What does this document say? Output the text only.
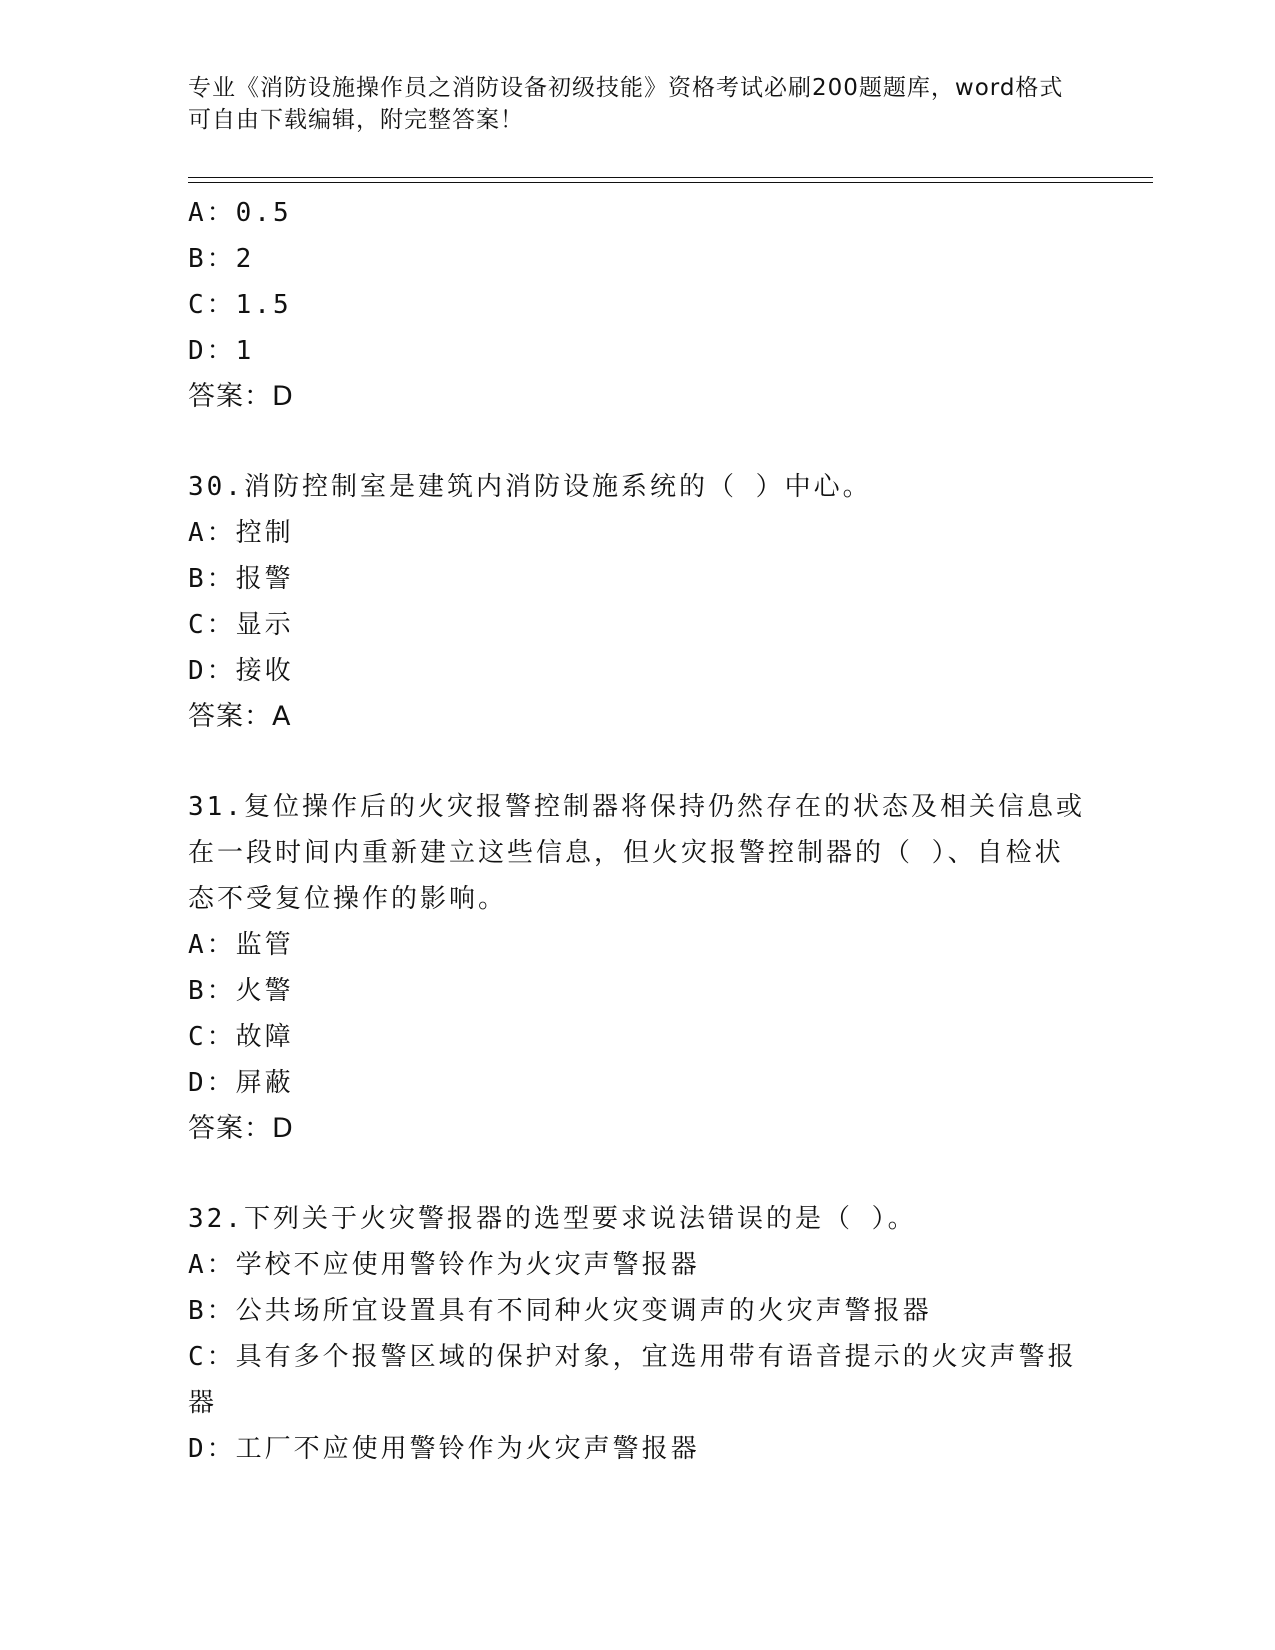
专业《消防设施操作员之消防设备初级技能》资格考试必刷200题题库，word格式可自由下载编辑，附完整答案！
A：0.5
B：2
C：1.5
D：1
答案：D
30.消防控制室是建筑内消防设施系统的（ ）中心。
A：控制
B：报警
C：显示
D：接收
答案：A
31.复位操作后的火灾报警控制器将保持仍然存在的状态及相关信息或在一段时间内重新建立这些信息，但火灾报警控制器的（ ）、自检状态不受复位操作的影响。
A：监管
B：火警
C：故障
D：屏蔽
答案：D
32.下列关于火灾警报器的选型要求说法错误的是（ ）。
A：学校不应使用警铃作为火灾声警报器
B：公共场所宜设置具有不同种火灾变调声的火灾声警报器
C：具有多个报警区域的保护对象，宜选用带有语音提示的火灾声警报器
D：工厂不应使用警铃作为火灾声警报器
